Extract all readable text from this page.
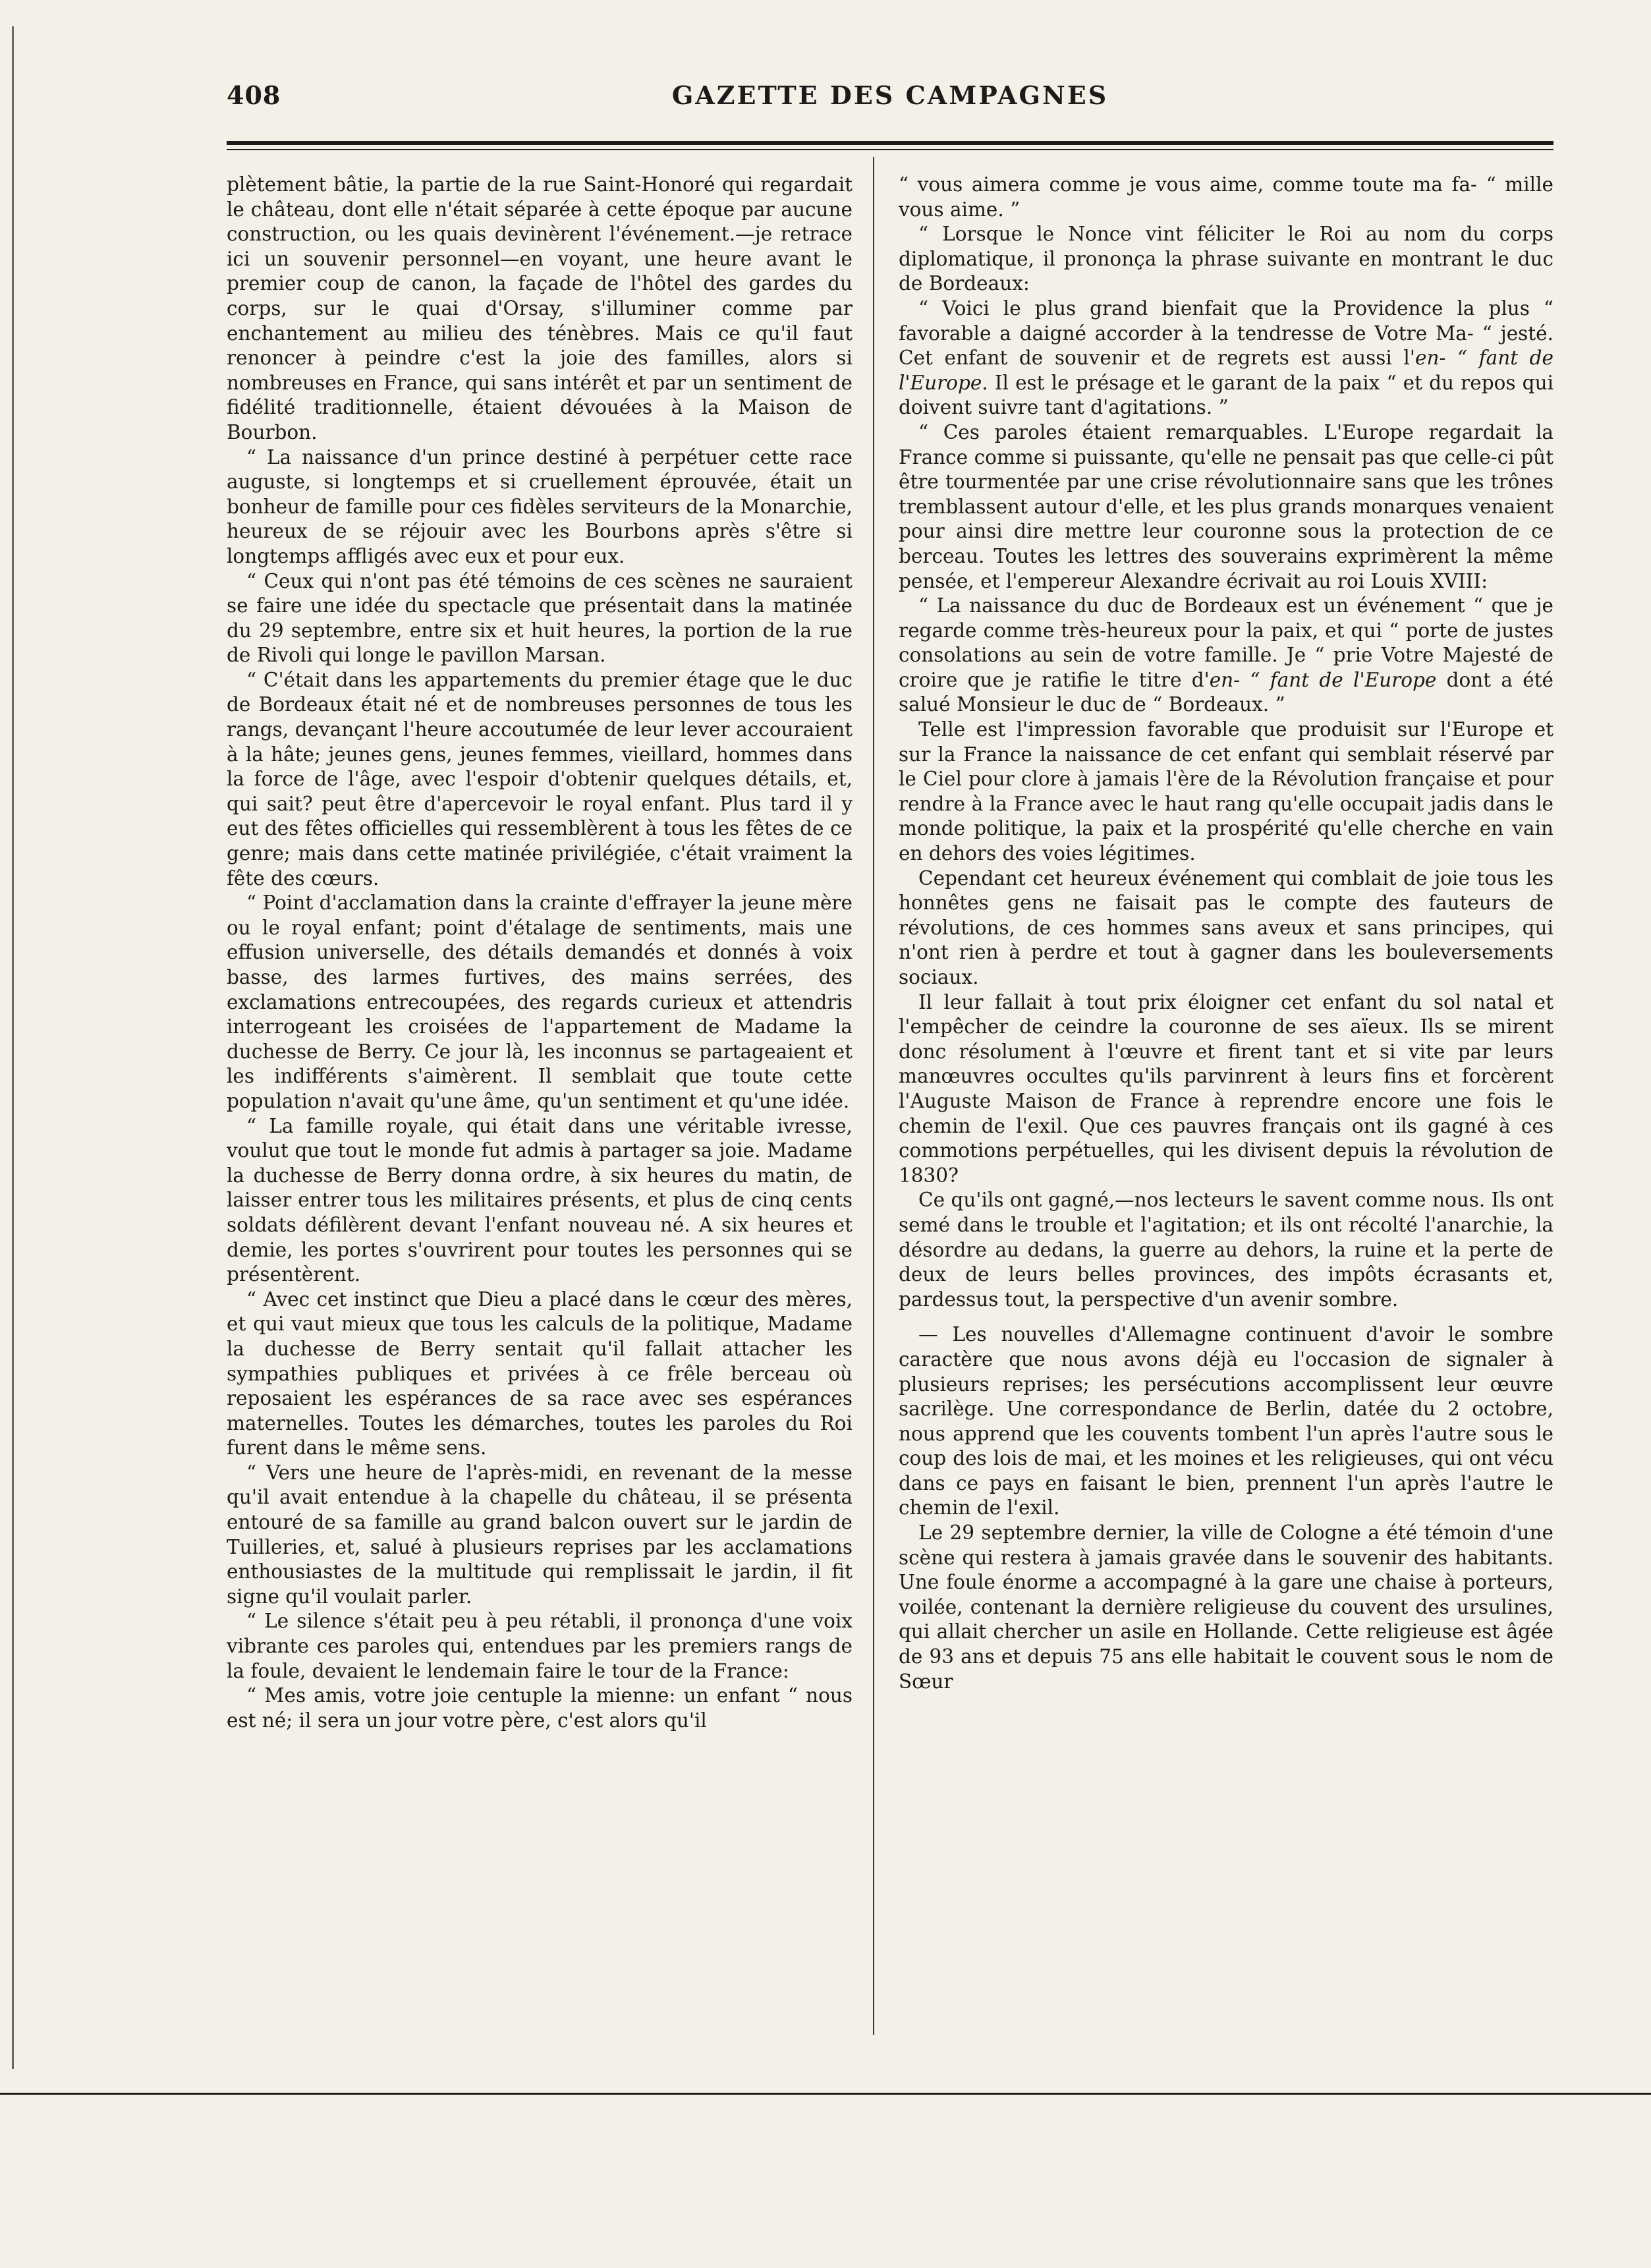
408	GAZETTE DES CAMPAGNES

plètement bâtie, la partie de la rue Saint-Honoré qui regardait le château, dont elle n'était séparée à cette époque par aucune construction, ou les quais devinèrent l'événement.—je retrace ici un souvenir personnel—en voyant, une heure avant le premier coup de canon, la façade de l'hôtel des gardes du corps, sur le quai d'Orsay, s'illuminer comme par enchantement au milieu des ténèbres. Mais ce qu'il faut renoncer à peindre c'est la joie des familles, alors si nombreuses en France, qui sans intérêt et par un sentiment de fidélité traditionnelle, étaient dévouées à la Maison de Bourbon.

“ La naissance d'un prince destiné à perpétuer cette race auguste, si longtemps et si cruellement éprouvée, était un bonheur de famille pour ces fidèles serviteurs de la Monarchie, heureux de se réjouir avec les Bourbons après s'être si longtemps affligés avec eux et pour eux.

“ Ceux qui n'ont pas été témoins de ces scènes ne sauraient se faire une idée du spectacle que présentait dans la matinée du 29 septembre, entre six et huit heures, la portion de la rue de Rivoli qui longe le pavillon Marsan.

“ C'était dans les appartements du premier étage que le duc de Bordeaux était né et de nombreuses personnes de tous les rangs, devançant l'heure accoutumée de leur lever accouraient à la hâte; jeunes gens, jeunes femmes, vieillard, hommes dans la force de l'âge, avec l'espoir d'obtenir quelques détails, et, qui sait? peut être d'apercevoir le royal enfant. Plus tard il y eut des fêtes officielles qui ressemblèrent à tous les fêtes de ce genre; mais dans cette matinée privilégiée, c'était vraiment la fête des cœurs.

“ Point d'acclamation dans la crainte d'effrayer la jeune mère ou le royal enfant; point d'étalage de sentiments, mais une effusion universelle, des détails demandés et donnés à voix basse, des larmes furtives, des mains serrées, des exclamations entrecoupées, des regards curieux et attendris interrogeant les croisées de l'appartement de Madame la duchesse de Berry. Ce jour là, les inconnus se partageaient et les indifférents s'aimèrent. Il semblait que toute cette population n'avait qu'une âme, qu'un sentiment et qu'une idée.

“ La famille royale, qui était dans une véritable ivresse, voulut que tout le monde fut admis à partager sa joie. Madame la duchesse de Berry donna ordre, à six heures du matin, de laisser entrer tous les militaires présents, et plus de cinq cents soldats défilèrent devant l'enfant nouveau né. A six heures et demie, les portes s'ouvrirent pour toutes les personnes qui se présentèrent.

“ Avec cet instinct que Dieu a placé dans le cœur des mères, et qui vaut mieux que tous les calculs de la politique, Madame la duchesse de Berry sentait qu'il fallait attacher les sympathies publiques et privées à ce frêle berceau où reposaient les espérances de sa race avec ses espérances maternelles. Toutes les démarches, toutes les paroles du Roi furent dans le même sens.

“ Vers une heure de l'après-midi, en revenant de la messe qu'il avait entendue à la chapelle du château, il se présenta entouré de sa famille au grand balcon ouvert sur le jardin de Tuilleries, et, salué à plusieurs reprises par les acclamations enthousiastes de la multitude qui remplissait le jardin, il fit signe qu'il voulait parler.

“ Le silence s'était peu à peu rétabli, il prononça d'une voix vibrante ces paroles qui, entendues par les premiers rangs de la foule, devaient le lendemain faire le tour de la France:

“ Mes amis, votre joie centuple la mienne: un enfant “ nous est né; il sera un jour votre père, c'est alors qu'il

“ vous aimera comme je vous aime, comme toute ma fa- “ mille vous aime. ”

“ Lorsque le Nonce vint féliciter le Roi au nom du corps diplomatique, il prononça la phrase suivante en montrant le duc de Bordeaux:

“ Voici le plus grand bienfait que la Providence la plus “ favorable a daigné accorder à la tendresse de Votre Ma- “ jesté. Cet enfant de souvenir et de regrets est aussi l'en- “ fant de l'Europe. Il est le présage et le garant de la paix “ et du repos qui doivent suivre tant d'agitations. ”

“ Ces paroles étaient remarquables. L'Europe regardait la France comme si puissante, qu'elle ne pensait pas que celle-ci pût être tourmentée par une crise révolutionnaire sans que les trônes tremblassent autour d'elle, et les plus grands monarques venaient pour ainsi dire mettre leur couronne sous la protection de ce berceau. Toutes les lettres des souverains exprimèrent la même pensée, et l'empereur Alexandre écrivait au roi Louis XVIII:

“ La naissance du duc de Bordeaux est un événement “ que je regarde comme très-heureux pour la paix, et qui “ porte de justes consolations au sein de votre famille. Je “ prie Votre Majesté de croire que je ratifie le titre d'en- “ fant de l'Europe dont a été salué Monsieur le duc de “ Bordeaux. ”

Telle est l'impression favorable que produisit sur l'Europe et sur la France la naissance de cet enfant qui semblait réservé par le Ciel pour clore à jamais l'ère de la Révolution française et pour rendre à la France avec le haut rang qu'elle occupait jadis dans le monde politique, la paix et la prospérité qu'elle cherche en vain en dehors des voies légitimes.

Cependant cet heureux événement qui comblait de joie tous les honnêtes gens ne faisait pas le compte des fauteurs de révolutions, de ces hommes sans aveux et sans principes, qui n'ont rien à perdre et tout à gagner dans les bouleversements sociaux.

Il leur fallait à tout prix éloigner cet enfant du sol natal et l'empêcher de ceindre la couronne de ses aïeux. Ils se mirent donc résolument à l'œuvre et firent tant et si vite par leurs manœuvres occultes qu'ils parvinrent à leurs fins et forcèrent l'Auguste Maison de France à reprendre encore une fois le chemin de l'exil. Que ces pauvres français ont ils gagné à ces commotions perpétuelles, qui les divisent depuis la révolution de 1830?

Ce qu'ils ont gagné,—nos lecteurs le savent comme nous. Ils ont semé dans le trouble et l'agitation; et ils ont récolté l'anarchie, la désordre au dedans, la guerre au dehors, la ruine et la perte de deux de leurs belles provinces, des impôts écrasants et, pardessus tout, la perspective d'un avenir sombre.

— Les nouvelles d'Allemagne continuent d'avoir le sombre caractère que nous avons déjà eu l'occasion de signaler à plusieurs reprises; les persécutions accomplissent leur œuvre sacrilège. Une correspondance de Berlin, datée du 2 octobre, nous apprend que les couvents tombent l'un après l'autre sous le coup des lois de mai, et les moines et les religieuses, qui ont vécu dans ce pays en faisant le bien, prennent l'un après l'autre le chemin de l'exil.

Le 29 septembre dernier, la ville de Cologne a été témoin d'une scène qui restera à jamais gravée dans le souvenir des habitants. Une foule énorme a accompagné à la gare une chaise à porteurs, voilée, contenant la dernière religieuse du couvent des ursulines, qui allait chercher un asile en Hollande. Cette religieuse est âgée de 93 ans et depuis 75 ans elle habitait le couvent sous le nom de Sœur
